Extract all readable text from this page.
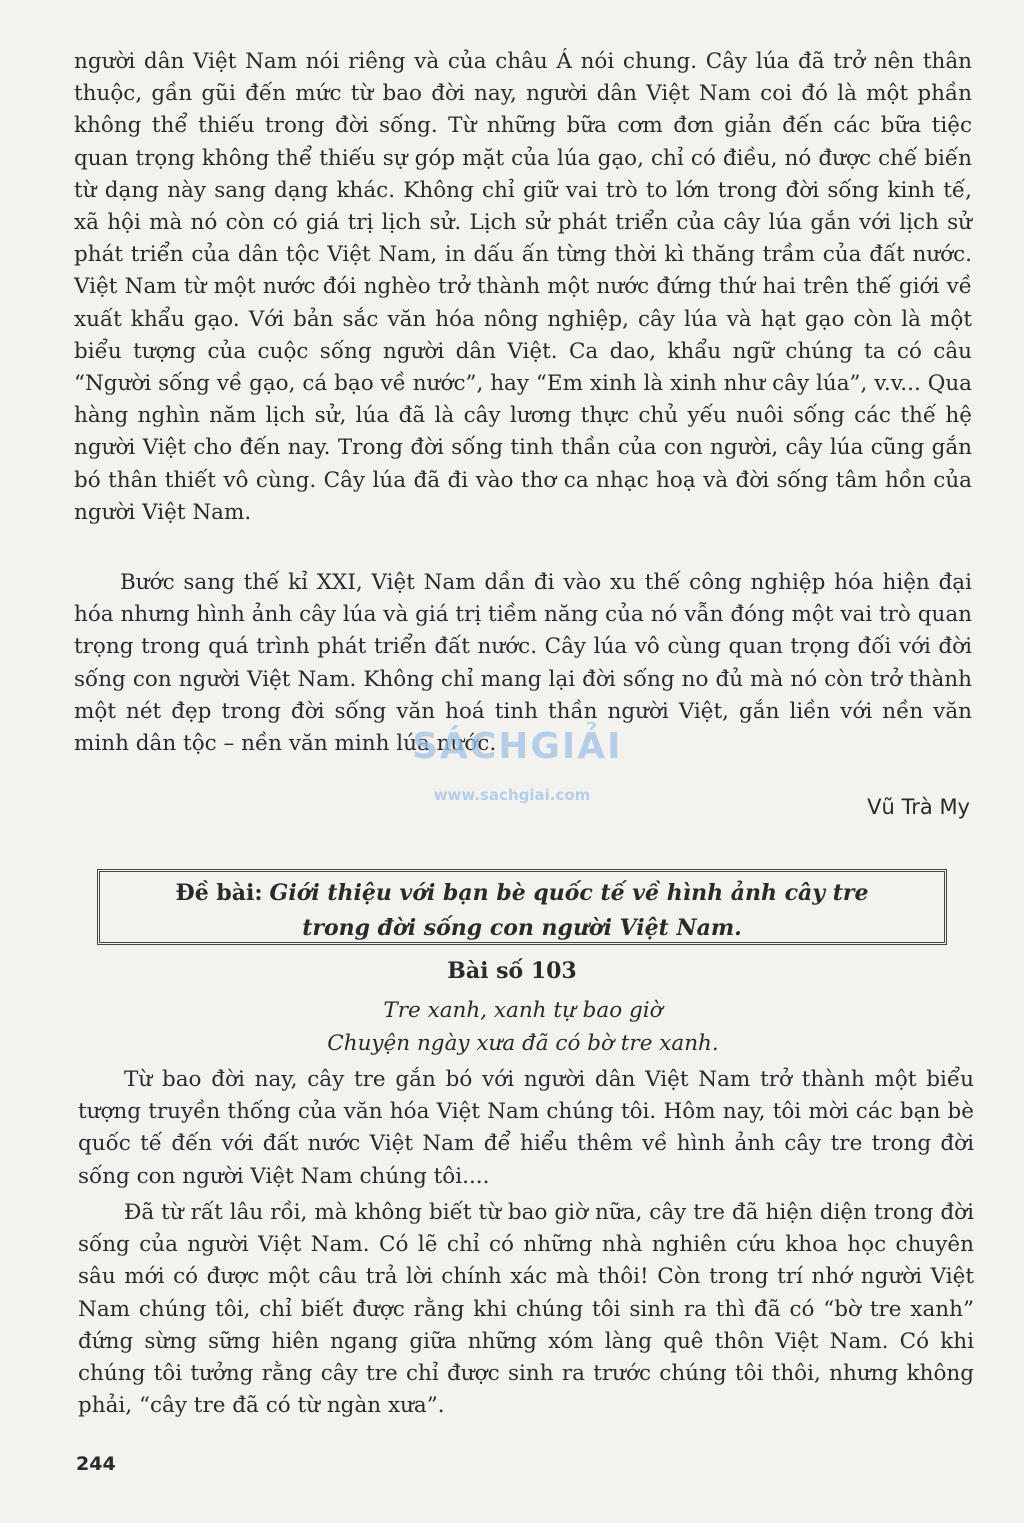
người dân Việt Nam nói riêng và của châu Á nói chung. Cây lúa đã trở nên thân thuộc, gần gũi đến mức từ bao đời nay, người dân Việt Nam coi đó là một phần không thể thiếu trong đời sống. Từ những bữa cơm đơn giản đến các bữa tiệc quan trọng không thể thiếu sự góp mặt của lúa gạo, chỉ có điều, nó được chế biến từ dạng này sang dạng khác. Không chỉ giữ vai trò to lớn trong đời sống kinh tế, xã hội mà nó còn có giá trị lịch sử. Lịch sử phát triển của cây lúa gắn với lịch sử phát triển của dân tộc Việt Nam, in dấu ấn từng thời kì thăng trầm của đất nước. Việt Nam từ một nước đói nghèo trở thành một nước đứng thứ hai trên thế giới về xuất khẩu gạo. Với bản sắc văn hóa nông nghiệp, cây lúa và hạt gạo còn là một biểu tượng của cuộc sống người dân Việt. Ca dao, khẩu ngữ chúng ta có câu “Người sống về gạo, cá bạo về nước”, hay “Em xinh là xinh như cây lúa”, v.v... Qua hàng nghìn năm lịch sử, lúa đã là cây lương thực chủ yếu nuôi sống các thế hệ người Việt cho đến nay. Trong đời sống tinh thần của con người, cây lúa cũng gắn bó thân thiết vô cùng. Cây lúa đã đi vào thơ ca nhạc hoạ và đời sống tâm hồn của người Việt Nam.

Bước sang thế kỉ XXI, Việt Nam dần đi vào xu thế công nghiệp hóa hiện đại hóa nhưng hình ảnh cây lúa và giá trị tiềm năng của nó vẫn đóng một vai trò quan trọng trong quá trình phát triển đất nước. Cây lúa vô cùng quan trọng đối với đời sống con người Việt Nam. Không chỉ mang lại đời sống no đủ mà nó còn trở thành một nét đẹp trong đời sống văn hoá tinh thần người Việt, gắn liền với nền văn minh dân tộc – nền văn minh lúa nước.

SÁCHGIẢI
www.sachgiai.com	Vũ Trà My
Đề bài: Giới thiệu với bạn bè quốc tế về hình ảnh cây tre
trong đời sống con người Việt Nam.
Bài số 103
Tre xanh, xanh tự bao giờ
Chuyện ngày xưa đã có bờ tre xanh.

Từ bao đời nay, cây tre gắn bó với người dân Việt Nam trở thành một biểu tượng truyền thống của văn hóa Việt Nam chúng tôi. Hôm nay, tôi mời các bạn bè quốc tế đến với đất nước Việt Nam để hiểu thêm về hình ảnh cây tre trong đời sống con người Việt Nam chúng tôi....

Đã từ rất lâu rồi, mà không biết từ bao giờ nữa, cây tre đã hiện diện trong đời sống của người Việt Nam. Có lẽ chỉ có những nhà nghiên cứu khoa học chuyên sâu mới có được một câu trả lời chính xác mà thôi! Còn trong trí nhớ người Việt Nam chúng tôi, chỉ biết được rằng khi chúng tôi sinh ra thì đã có “bờ tre xanh” đứng sừng sững hiên ngang giữa những xóm làng quê thôn Việt Nam. Có khi chúng tôi tưởng rằng cây tre chỉ được sinh ra trước chúng tôi thôi, nhưng không phải, “cây tre đã có từ ngàn xưa”.

244
